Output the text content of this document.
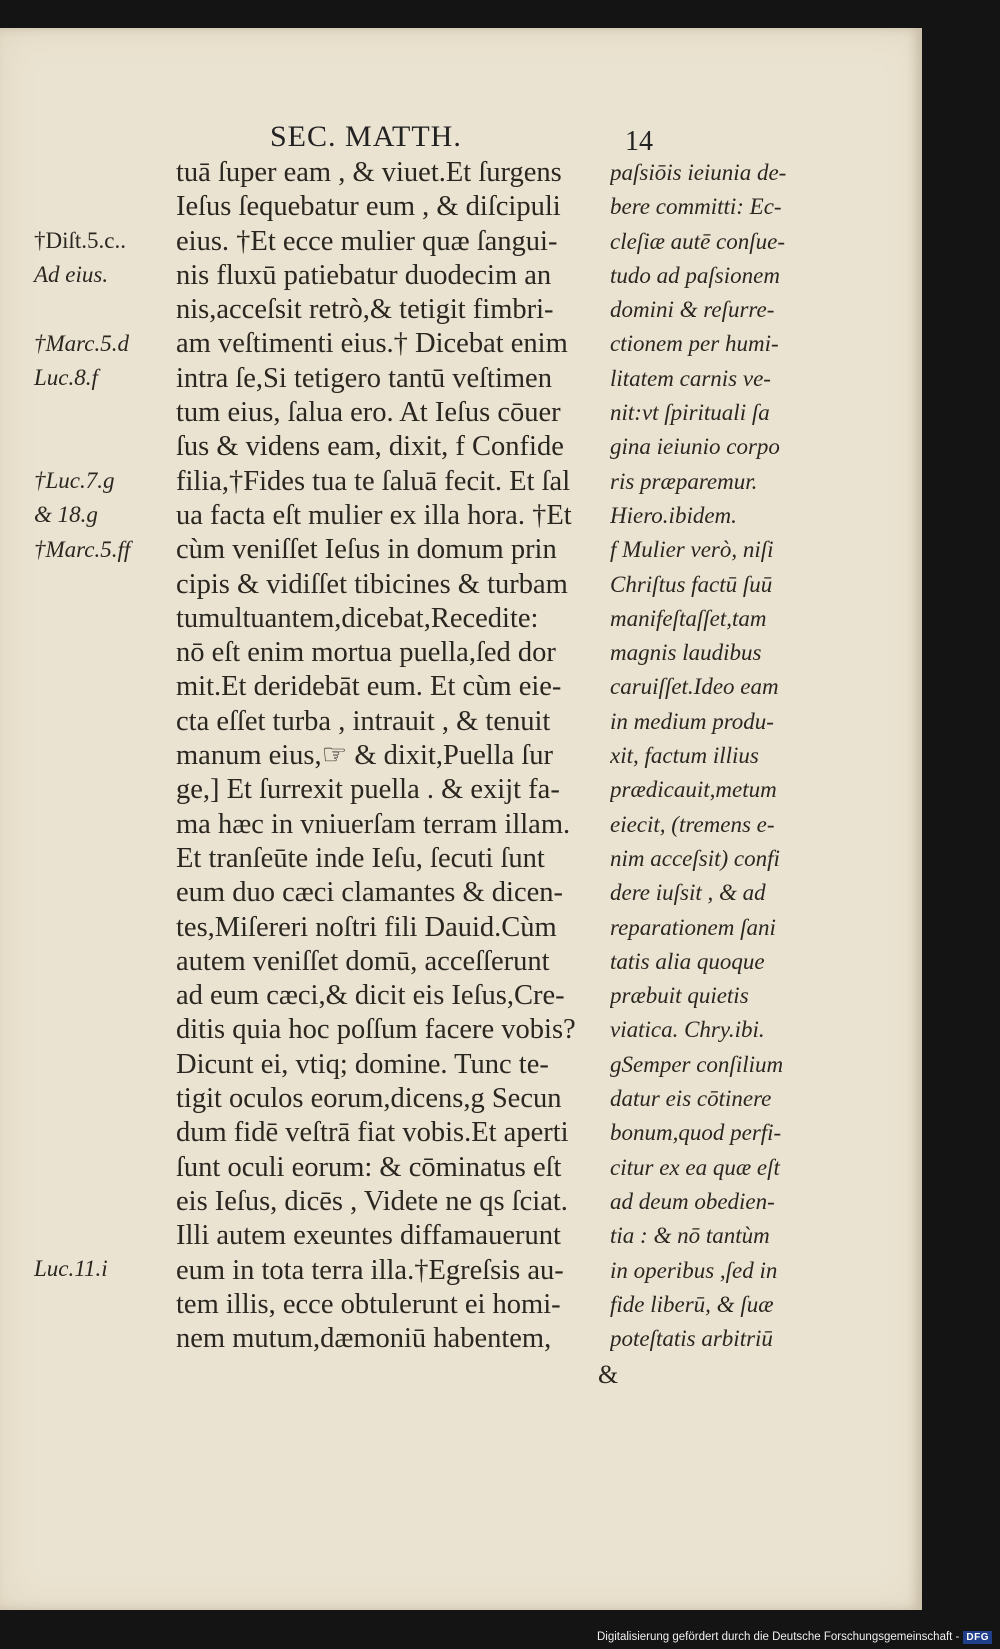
SEC. MATTH.	14
tuā ſuper eam , & viuet.Et ſurgens
Ieſus ſequebatur eum , & diſcipuli
eius. †Et ecce mulier quæ ſangui-
nis fluxū patiebatur duodecim an
nis,acceſsit retrò,& tetigit fimbri-
am veſtimenti eius.† Dicebat enim
intra ſe,Si tetigero tantū veſtimen
tum eius, ſalua ero. At Ieſus cōuer
ſus & videns eam, dixit, f Confide
filia,†Fides tua te ſaluā fecit. Et ſal
ua facta eſt mulier ex illa hora. †Et
cùm veniſſet Ieſus in domum prin
cipis & vidiſſet tibicines & turbam
tumultuantem,dicebat,Recedite:
nō eſt enim mortua puella,ſed dor
mit.Et deridebāt eum. Et cùm eie-
cta eſſet turba , intrauit , & tenuit
manum eius,☞ & dixit,Puella ſur
ge,] Et ſurrexit puella . & exijt fa-
ma hæc in vniuerſam terram illam.
Et tranſeūte inde Ieſu, ſecuti ſunt
eum duo cæci clamantes & dicen-
tes,Miſereri noſtri fili Dauid.Cùm
autem veniſſet domū, acceſſerunt
ad eum cæci,& dicit eis Ieſus,Cre-
ditis quia hoc poſſum facere vobis?
Dicunt ei, vtiq; domine. Tunc te-
tigit oculos eorum,dicens,g Secun
dum fidē veſtrā fiat vobis.Et aperti
ſunt oculi eorum: & cōminatus eſt
eis Ieſus, dicēs , Videte ne qs ſciat.
Illi autem exeuntes diffamauerunt
eum in tota terra illa.†Egreſsis au-
tem illis, ecce obtulerunt ei homi-
nem mutum,dæmoniū habentem,
paſsiōis ieiunia de-
bere committi: Ec-
cleſiæ autē conſue-
tudo ad paſsionem
domini & reſurre-
ctionem per humi-
litatem carnis ve-
nit:vt ſpirituali ſa
gina ieiunio corpo
ris præparemur.
Hiero.ibidem.
f Mulier verò, niſi
Chriſtus factū ſuū
manifeſtaſſet,tam
magnis laudibus
caruiſſet.Ideo eam
in medium produ-
xit, factum illius
prædicauit,metum
eiecit, (tremens e-
nim acceſsit) confi
dere iuſsit , & ad
reparationem ſani
tatis alia quoque
præbuit quietis
viatica. Chry.ibi.
gSemper conſilium
datur eis cōtinere
bonum,quod perfi-
citur ex ea quæ eſt
ad deum obedien-
tia : & nō tantùm
in operibus ,ſed in
fide liberū, & ſuæ
poteſtatis arbitriū
†Diſt.5.c..
Ad eius.
†Marc.5.d
Luc.8.f
†Luc.7.g
& 18.g
†Marc.5.ff
Luc.11.i
&
Digitalisierung gefördert durch die Deutsche Forschungsgemeinschaft - DFG
